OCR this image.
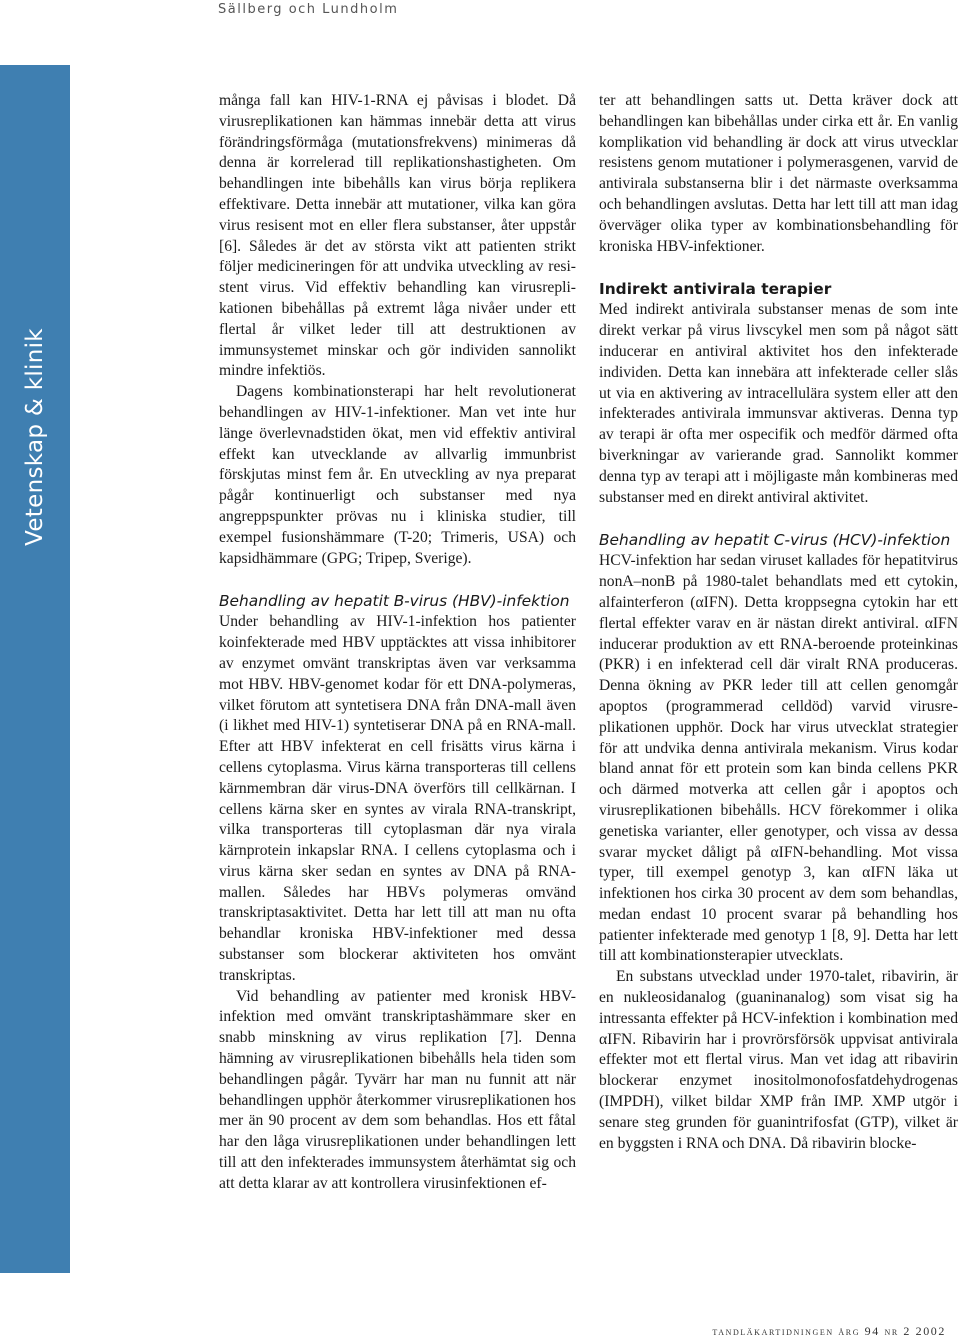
Sällberg och Lundholm
Vetenskap & klinik

många fall kan HIV-1-RNA ej påvisas i blodet. Då virusreplikationen kan hämmas innebär detta att virus förändringsförmåga (mutationsfrekvens) minimeras då denna är korrelerad till replikationshastigheten. Om behandlingen inte bibehålls kan virus börja replikera effektivare. Detta innebär att mutationer, vilka kan göra virus resisent mot en eller flera substanser, åter uppstår [6]. Således är det av största vikt att patienten strikt följer medicineringen för att undvika utveckling av resistent virus. Vid effektiv behandling kan virusreplikationen bibehållas på extremt låga nivåer under ett flertal år vilket leder till att destruktionen av immunsystemet minskar och gör individen sannolikt mindre infektiös.

Dagens kombinationsterapi har helt revolutionerat behandlingen av HIV-1-infektioner. Man vet inte hur länge överlevnadstiden ökat, men vid effektiv antiviral effekt kan utvecklande av allvarlig immunbrist förskjutas minst fem år. En utveckling av nya preparat pågår kontinuerligt och substanser med nya angreppspunkter prövas nu i kliniska studier, till exempel fusionshämmare (T-20; Trimeris, USA) och kapsidhämmare (GPG; Tripep, Sverige).

Behandling av hepatit B-virus (HBV)-infektion

Under behandling av HIV-1-infektion hos patienter koinfekterade med HBV upptäcktes att vissa inhibitorer av enzymet omvänt transkriptas även var verksamma mot HBV. HBV-genomet kodar för ett DNA-polymeras, vilket förutom att syntetisera DNA från DNA-mall även (i likhet med HIV-1) syntetiserar DNA på en RNA-mall. Efter att HBV infekterat en cell frisätts virus kärna i cellens cytoplasma. Virus kärna transporteras till cellens kärnmembran där virus-DNA överförs till cellkärnan. I cellens kärna sker en syntes av virala RNA-transkript, vilka transporteras till cytoplasman där nya virala kärnprotein inkapslar RNA. I cellens cytoplasma och i virus kärna sker sedan en syntes av DNA på RNA-mallen. Således har HBVs polymeras omvänd transkriptasaktivitet. Detta har lett till att man nu ofta behandlar kroniska HBV-infektioner med dessa substanser som blockerar aktiviteten hos omvänt transkriptas.

Vid behandling av patienter med kronisk HBV-infektion med omvänt transkriptashämmare sker en snabb minskning av virus replikation [7]. Denna hämning av virusreplikationen bibehålls hela tiden som behandlingen pågår. Tyvärr har man nu funnit att när behandlingen upphör återkommer virusreplikationen hos mer än 90 procent av dem som behandlas. Hos ett fåtal har den låga virusreplikationen under behandlingen lett till att den infekterades immunsystem återhämtat sig och att detta klarar av att kontrollera virusinfektionen ef-

ter att behandlingen satts ut. Detta kräver dock att behandlingen kan bibehållas under cirka ett år. En vanlig komplikation vid behandling är dock att virus utvecklar resistens genom mutationer i polymerasgenen, varvid de antivirala substanserna blir i det närmaste overksamma och behandlingen avslutas. Detta har lett till att man idag överväger olika typer av kombinationsbehandling för kroniska HBV-infektioner.

Indirekt antivirala terapier

Med indirekt antivirala substanser menas de som inte direkt verkar på virus livscykel men som på något sätt inducerar en antiviral aktivitet hos den infekterade individen. Detta kan innebära att infekterade celler slås ut via en aktivering av intracellulära system eller att den infekterades antivirala immunsvar aktiveras. Denna typ av terapi är ofta mer ospecifik och medför därmed ofta biverkningar av varierande grad. Sannolikt kommer denna typ av terapi att i möjligaste mån kombineras med substanser med en direkt antiviral aktivitet.

Behandling av hepatit C-virus (HCV)-infektion

HCV-infektion har sedan viruset kallades för hepatitvirus nonA–nonB på 1980-talet behandlats med ett cytokin, alfainterferon (αIFN). Detta kroppsegna cytokin har ett flertal effekter varav en är nästan direkt antiviral. αIFN inducerar produktion av ett RNA-beroende proteinkinas (PKR) i en infekterad cell där viralt RNA produceras. Denna ökning av PKR leder till att cellen genomgår apoptos (programmerad celldöd) varvid virusreplikationen upphör. Dock har virus utvecklat strategier för att undvika denna antivirala mekanism. Virus kodar bland annat för ett protein som kan binda cellens PKR och därmed motverka att cellen går i apoptos och virusreplikationen bibehålls. HCV förekommer i olika genetiska varianter, eller genotyper, och vissa av dessa svarar mycket dåligt på αIFN-behandling. Mot vissa typer, till exempel genotyp 3, kan αIFN läka ut infektionen hos cirka 30 procent av dem som behandlas, medan endast 10 procent svarar på behandling hos patienter infekterade med genotyp 1 [8, 9]. Detta har lett till att kombinationsterapier utvecklats.

En substans utvecklad under 1970-talet, ribavirin, är en nukleosidanalog (guaninanalog) som visat sig ha intressanta effekter på HCV-infektion i kombination med αIFN. Ribavirin har i provrörsförsök uppvisat antivirala effekter mot ett flertal virus. Man vet idag att ribavirin blockerar enzymet inositolmonofosfatdehydrogenas (IMPDH), vilket bildar XMP från IMP. XMP utgör i senare steg grunden för guanintrifosfat (GTP), vilket är en byggsten i RNA och DNA. Då ribavirin blocke-

tandläkartidningen årg 94 nr 2 2002
